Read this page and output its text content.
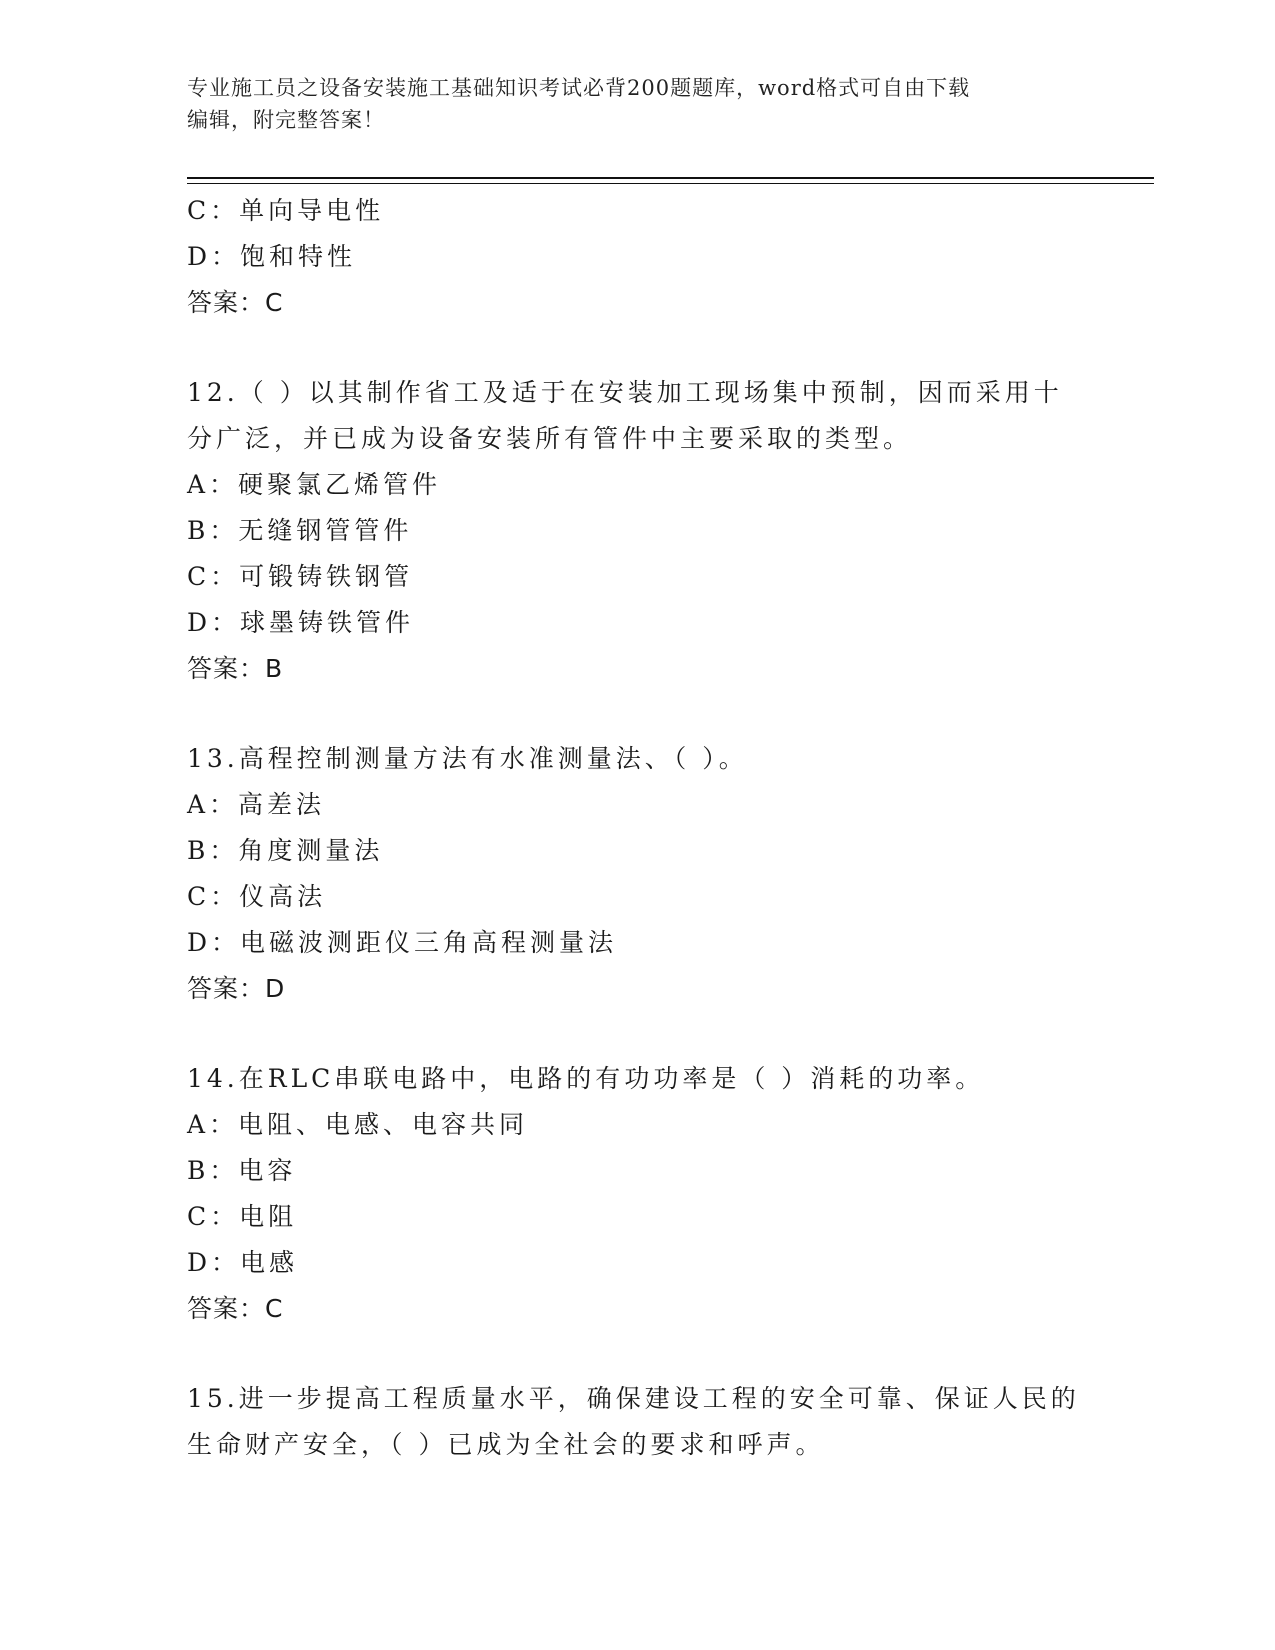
专业施工员之设备安装施工基础知识考试必背200题题库，word格式可自由下载
编辑，附完整答案！
C：单向导电性
D：饱和特性
答案：C
12.（ ）以其制作省工及适于在安装加工现场集中预制，因而采用十
分广泛，并已成为设备安装所有管件中主要采取的类型。
A：硬聚氯乙烯管件
B：无缝钢管管件
C：可锻铸铁钢管
D：球墨铸铁管件
答案：B
13.高程控制测量方法有水准测量法、（ ）。
A：高差法
B：角度测量法
C：仪高法
D：电磁波测距仪三角高程测量法
答案：D
14.在RLC串联电路中，电路的有功功率是（ ）消耗的功率。
A：电阻、电感、电容共同
B：电容
C：电阻
D：电感
答案：C
15.进一步提高工程质量水平，确保建设工程的安全可靠、保证人民的
生命财产安全，（ ）已成为全社会的要求和呼声。
